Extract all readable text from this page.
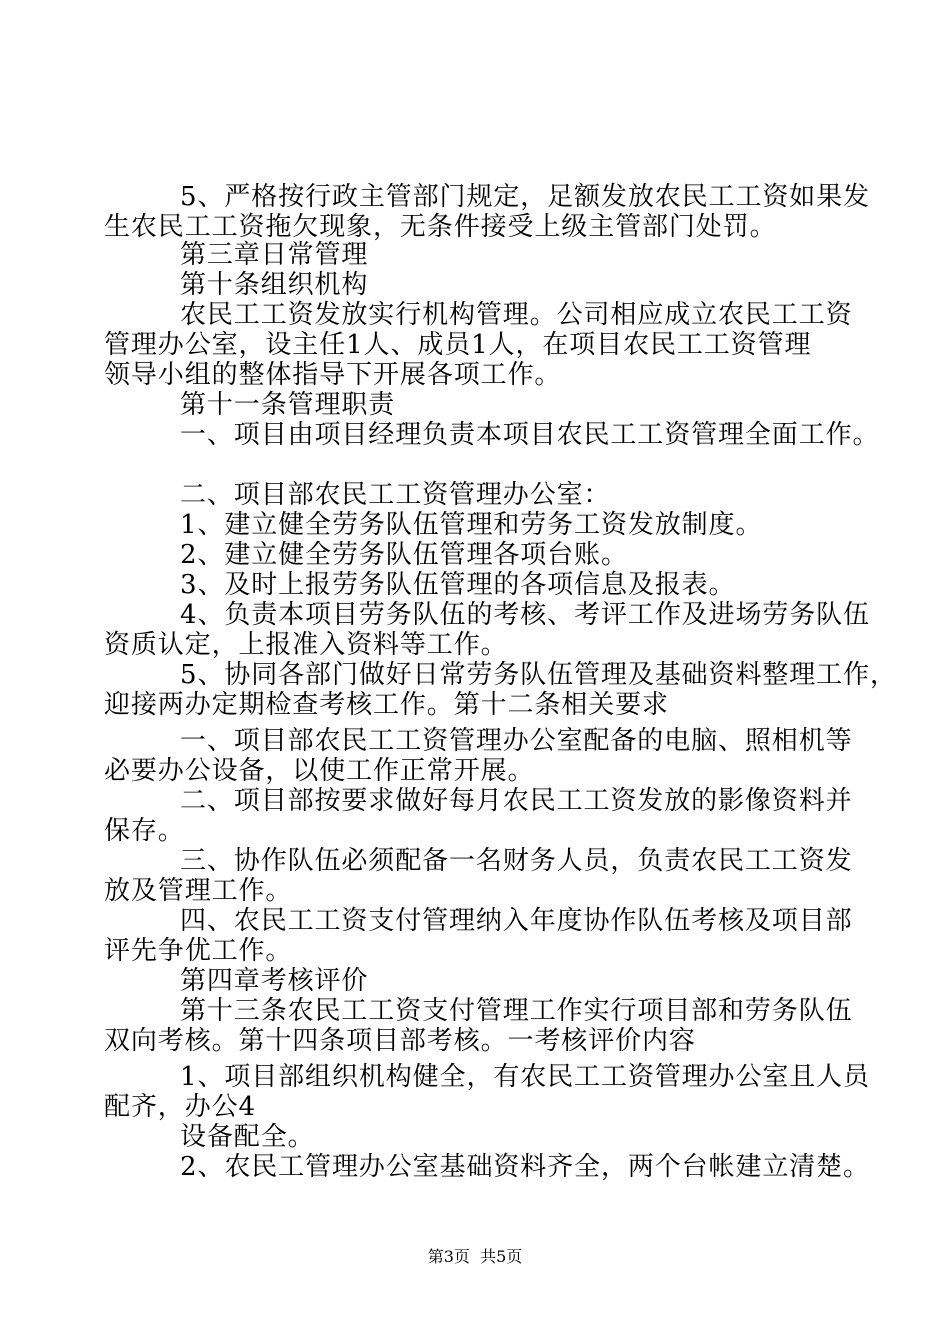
5、严格按行政主管部门规定，足额发放农民工工资如果发
生农民工工资拖欠现象，无条件接受上级主管部门处罚。
第三章日常管理
第十条组织机构
农民工工资发放实行机构管理。公司相应成立农民工工资
管理办公室，设主任1人、成员1人，在项目农民工工资管理
领导小组的整体指导下开展各项工作。
第十一条管理职责
一、项目由项目经理负责本项目农民工工资管理全面工作。
二、项目部农民工工资管理办公室：
1、建立健全劳务队伍管理和劳务工资发放制度。
2、建立健全劳务队伍管理各项台账。
3、及时上报劳务队伍管理的各项信息及报表。
4、负责本项目劳务队伍的考核、考评工作及进场劳务队伍
资质认定，上报准入资料等工作。
5、协同各部门做好日常劳务队伍管理及基础资料整理工作，
迎接两办定期检查考核工作。第十二条相关要求
一、项目部农民工工资管理办公室配备的电脑、照相机等
必要办公设备，以使工作正常开展。
二、项目部按要求做好每月农民工工资发放的影像资料并
保存。
三、协作队伍必须配备一名财务人员，负责农民工工资发
放及管理工作。
四、农民工工资支付管理纳入年度协作队伍考核及项目部
评先争优工作。
第四章考核评价
第十三条农民工工资支付管理工作实行项目部和劳务队伍
双向考核。第十四条项目部考核。一考核评价内容
1、项目部组织机构健全，有农民工工资管理办公室且人员
配齐，办公4
设备配全。
2、农民工管理办公室基础资料齐全，两个台帐建立清楚。
第3页  共5页
